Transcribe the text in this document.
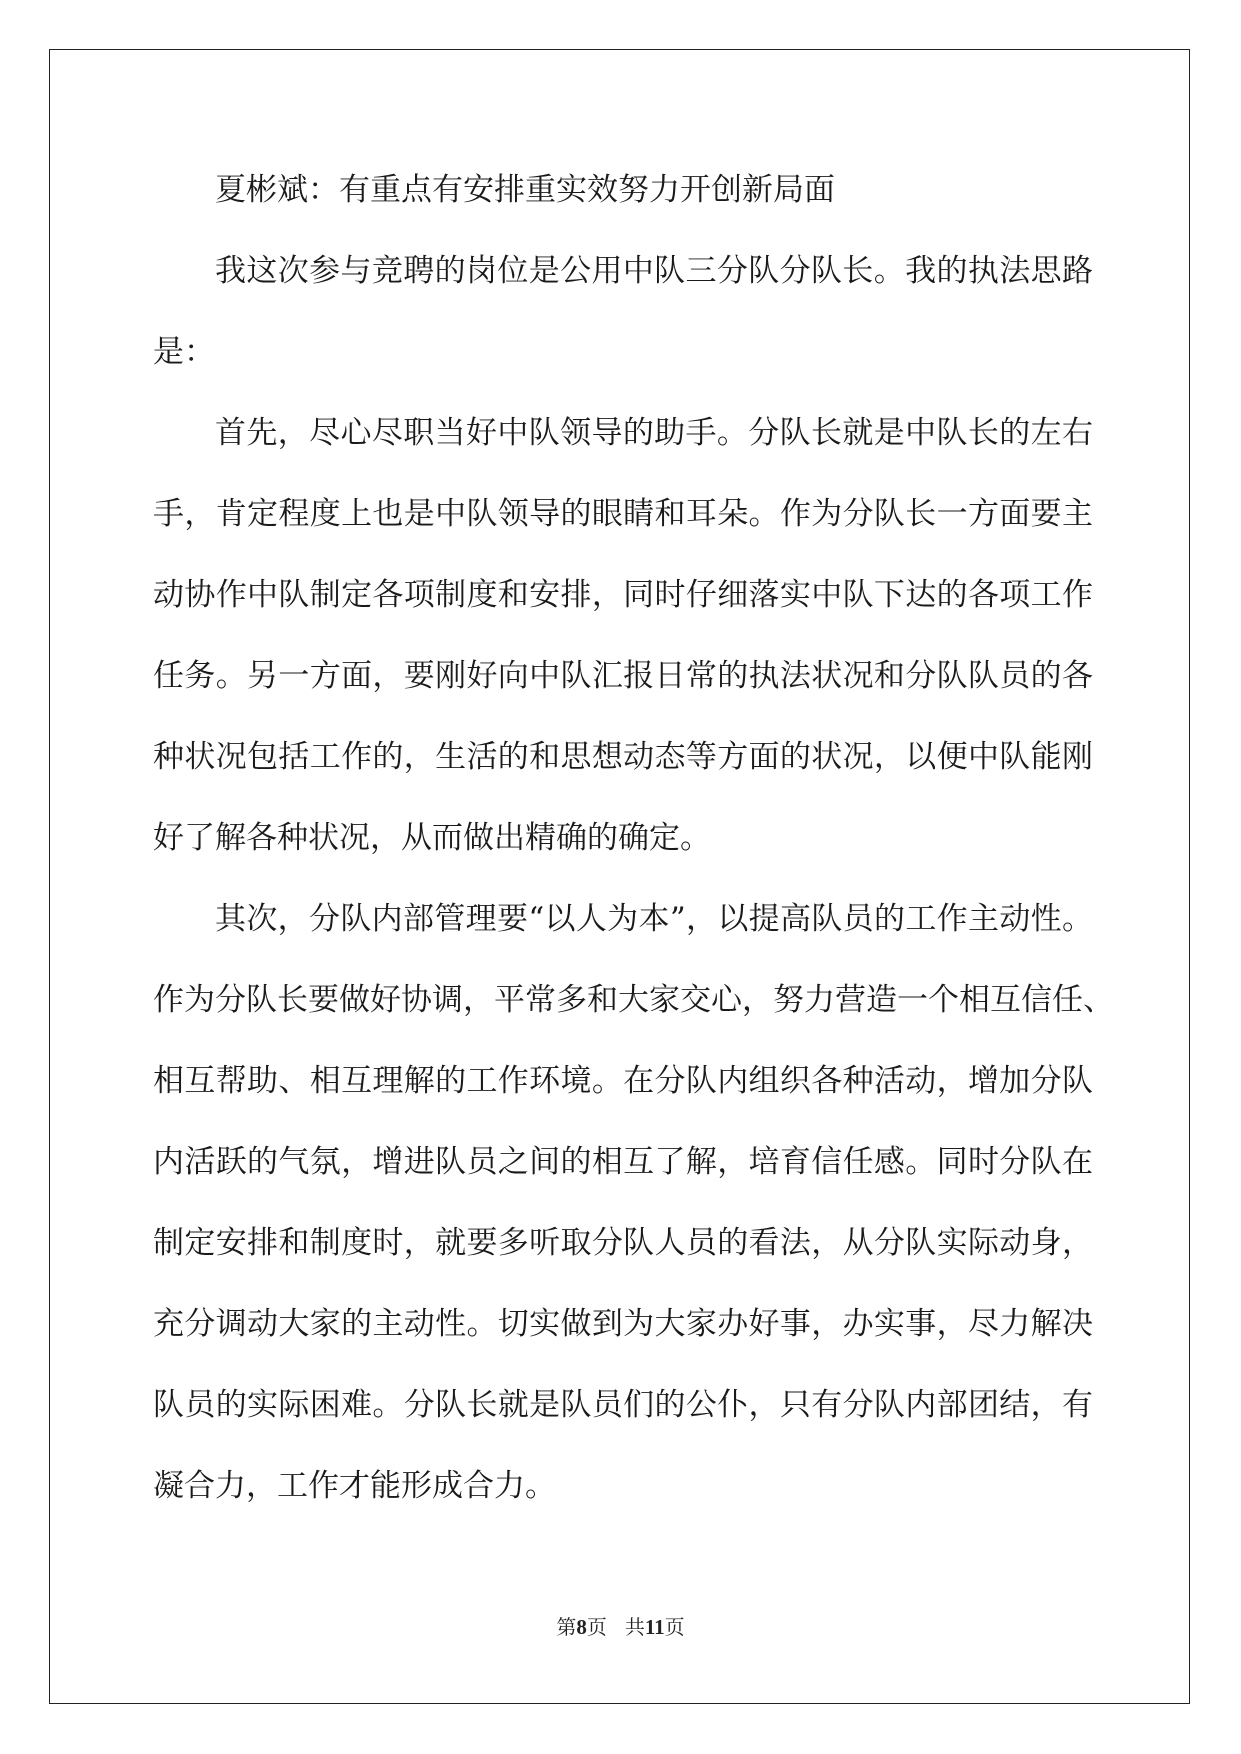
夏彬斌：有重点有安排重实效努力开创新局面
我这次参与竞聘的岗位是公用中队三分队分队长。我的执法思路
是：
首先，尽心尽职当好中队领导的助手。分队长就是中队长的左右
手，肯定程度上也是中队领导的眼睛和耳朵。作为分队长一方面要主
动协作中队制定各项制度和安排，同时仔细落实中队下达的各项工作
任务。另一方面，要刚好向中队汇报日常的执法状况和分队队员的各
种状况包括工作的，生活的和思想动态等方面的状况，以便中队能刚
好了解各种状况，从而做出精确的确定。
其次，分队内部管理要“以人为本”，以提高队员的工作主动性。
作为分队长要做好协调，平常多和大家交心，努力营造一个相互信任、
相互帮助、相互理解的工作环境。在分队内组织各种活动，增加分队
内活跃的气氛，增进队员之间的相互了解，培育信任感。同时分队在
制定安排和制度时，就要多听取分队人员的看法，从分队实际动身，
充分调动大家的主动性。切实做到为大家办好事，办实事，尽力解决
队员的实际困难。分队长就是队员们的公仆，只有分队内部团结，有
凝合力，工作才能形成合力。
第8页 共11页
